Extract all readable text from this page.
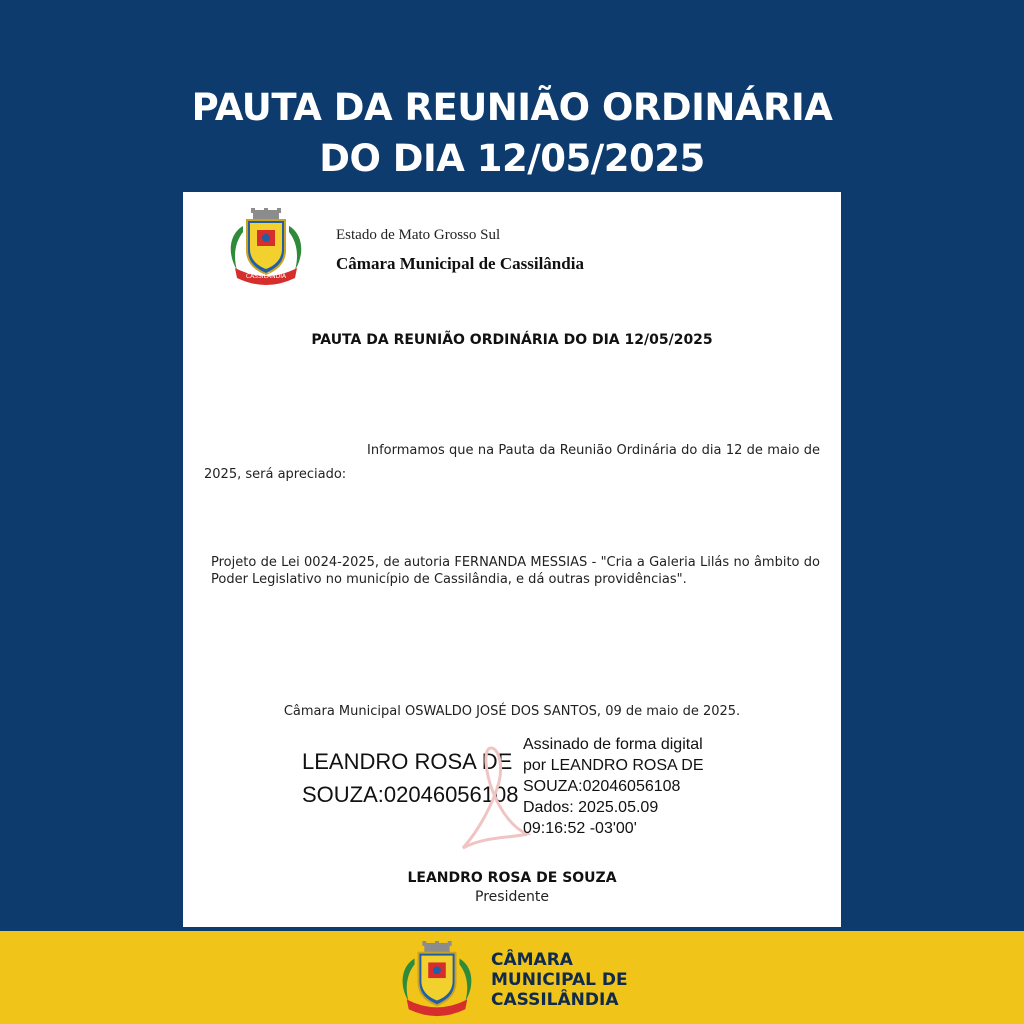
PAUTA DA REUNIÃO ORDINÁRIA
DO DIA 12/05/2025
CASSILÂNDIA
Estado de Mato Grosso Sul
Câmara Municipal de Cassilândia
PAUTA DA REUNIÃO ORDINÁRIA DO DIA 12/05/2025
Informamos que na Pauta da Reunião Ordinária do dia 12 de maio de 2025, será apreciado:
Projeto de Lei 0024-2025, de autoria FERNANDA MESSIAS - "Cria a Galeria Lilás no âmbito do Poder Legislativo no município de Cassilândia, e dá outras providências".
Câmara Municipal OSWALDO JOSÉ DOS SANTOS, 09 de maio de 2025.
LEANDRO ROSA DE SOUZA:02046056108
Assinado de forma digital
por LEANDRO ROSA DE
SOUZA:02046056108
Dados: 2025.05.09
09:16:52 -03'00'
LEANDRO ROSA DE SOUZA
Presidente
CÂMARA
MUNICIPAL DE
CASSILÂNDIA
